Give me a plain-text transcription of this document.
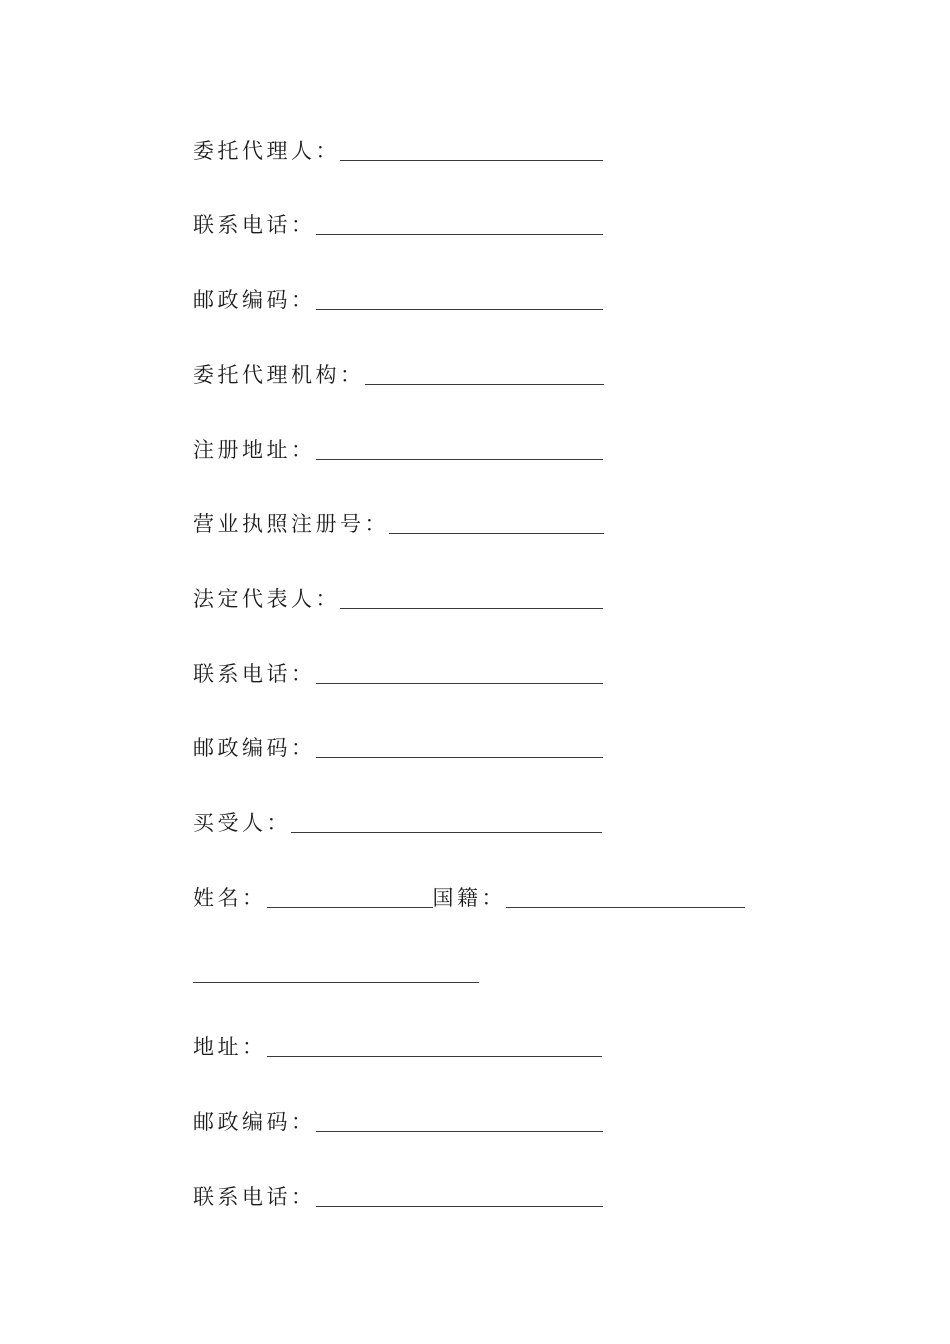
委托代理人：
联系电话：
邮政编码：
委托代理机构：
注册地址：
营业执照注册号：
法定代表人：
联系电话：
邮政编码：
买受人：
姓名：	国籍：
地址：
邮政编码：
联系电话：
